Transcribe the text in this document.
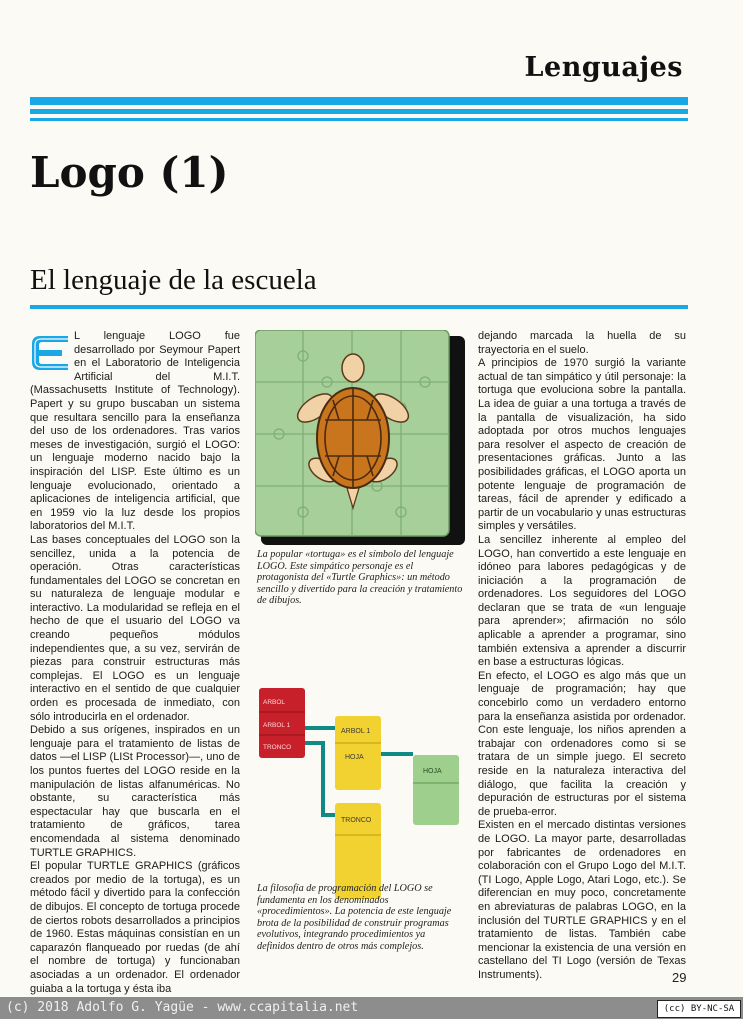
Lenguajes
Logo (1)
El lenguaje de la escuela

L lenguaje LOGO fue desarrollado por Seymour Papert en el Laboratorio de Inteligencia Artificial del M.I.T. (Massachusetts Institute of Technology). Papert y su grupo buscaban un sistema que resultara sencillo para la enseñanza del uso de los ordenadores. Tras varios meses de investigación, surgió el LOGO: un lenguaje moderno nacido bajo la inspiración del LISP. Este último es un lenguaje evolucionado, orientado a aplicaciones de inteligencia artificial, que en 1959 vio la luz desde los propios laboratorios del M.I.T.

Las bases conceptuales del LOGO son la sencillez, unida a la potencia de operación. Otras características fundamentales del LOGO se concretan en su naturaleza de lenguaje modular e interactivo. La modularidad se refleja en el hecho de que el usuario del LOGO va creando pequeños módulos independientes que, a su vez, servirán de piezas para construir estructuras más complejas. El LOGO es un lenguaje interactivo en el sentido de que cualquier orden es procesada de inmediato, con sólo introducirla en el ordenador.

Debido a sus orígenes, inspirados en un lenguaje para el tratamiento de listas de datos —el LISP (LISt Processor)—, uno de los puntos fuertes del LOGO reside en la manipulación de listas alfanuméricas. No obstante, su característica más espectacular hay que buscarla en el tratamiento de gráficos, tarea encomendada al sistema denominado TURTLE GRAPHICS.

El popular TURTLE GRAPHICS (gráficos creados por medio de la tortuga), es un método fácil y divertido para la confección de dibujos. El concepto de tortuga procede de ciertos robots desarrollados a principios de 1960. Estas máquinas consistían en un caparazón flanqueado por ruedas (de ahí el nombre de tortuga) y funcionaban asociadas a un ordenador. El ordenador guiaba a la tortuga y ésta iba

La popular «tortuga» es el símbolo del lenguaje LOGO. Este simpático personaje es el protagonista del «Turtle Graphics»: un método sencillo y divertido para la creación y tratamiento de dibujos.
ARBOL
ARBOL 1
TRONCO
ARBOL 1
HOJA
TRONCO
HOJA
La filosofía de programación del LOGO se fundamenta en los denominados «procedimientos». La potencia de este lenguaje brota de la posibilidad de construir programas evolutivos, integrando procedimientos ya definidos dentro de otros más complejos.

dejando marcada la huella de su trayectoria en el suelo.

A principios de 1970 surgió la variante actual de tan simpático y útil personaje: la tortuga que evoluciona sobre la pantalla. La idea de guiar a una tortuga a través de la pantalla de visualización, ha sido adoptada por otros muchos lenguajes para resolver el aspecto de creación de presentaciones gráficas. Junto a las posibilidades gráficas, el LOGO aporta un potente lenguaje de programación de tareas, fácil de aprender y edificado a partir de un vocabulario y unas estructuras simples y versátiles.

La sencillez inherente al empleo del LOGO, han convertido a este lenguaje en idóneo para labores pedagógicas y de iniciación a la programación de ordenadores. Los seguidores del LOGO declaran que se trata de «un lenguaje para aprender»; afirmación no sólo aplicable a aprender a programar, sino también extensiva a aprender a discurrir en base a estructuras lógicas.

En efecto, el LOGO es algo más que un lenguaje de programación; hay que concebirlo como un verdadero entorno para la enseñanza asistida por ordenador. Con este lenguaje, los niños aprenden a trabajar con ordenadores como si se tratara de un simple juego. El secreto reside en la naturaleza interactiva del diálogo, que facilita la creación y depuración de estructuras por el sistema de prueba-error.

Existen en el mercado distintas versiones de LOGO. La mayor parte, desarrolladas por fabricantes de ordenadores en colaboración con el Grupo Logo del M.I.T. (TI Logo, Apple Logo, Atari Logo, etc.). Se diferencian en muy poco, concretamente en abreviaturas de palabras LOGO, en la inclusión del TURTLE GRAPHICS y en el tratamiento de listas. También cabe mencionar la existencia de una versión en castellano del TI Logo (versión de Texas Instruments).	29
(c) 2018 Adolfo G. Yagüe - www.ccapitalia.net	(cc) BY-NC-SA
